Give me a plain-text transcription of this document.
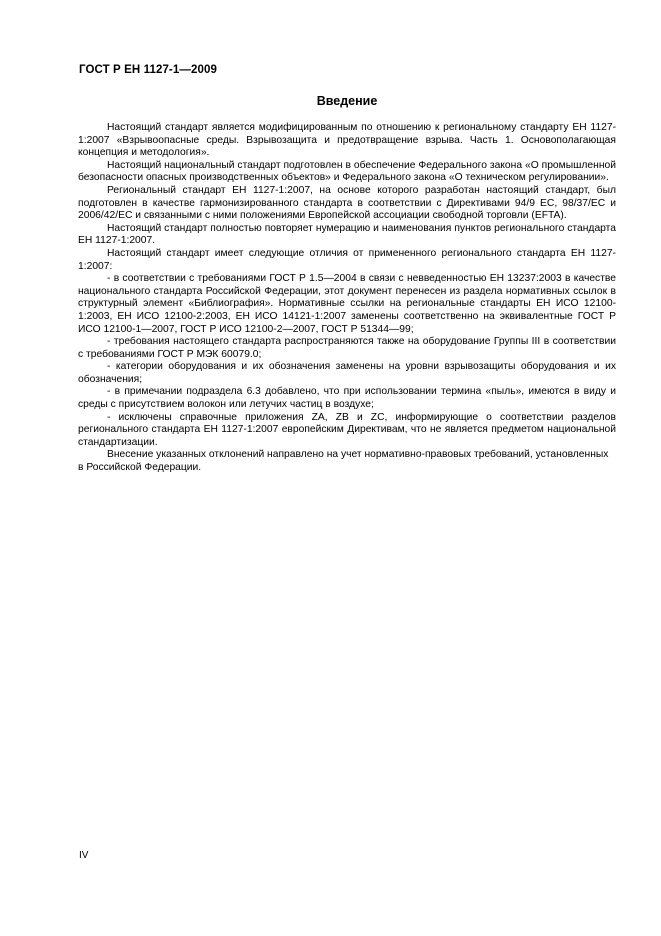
ГОСТ Р ЕН 1127-1—2009
Введение

Настоящий стандарт является модифицированным по отношению к региональному стандарту ЕН 1127-1:2007 «Взрывоопасные среды. Взрывозащита и предотвращение взрыва. Часть 1. Основополагающая концепция и методология».

Настоящий национальный стандарт подготовлен в обеспечение Федерального закона «О промышленной безопасности опасных производственных объектов» и Федерального закона «О техническом регулировании».

Региональный стандарт ЕН 1127-1:2007, на основе которого разработан настоящий стандарт, был подготовлен в качестве гармонизированного стандарта в соответствии с Директивами 94/9 ЕС, 98/37/ЕС и 2006/42/ЕС и связанными с ними положениями Европейской ассоциации свободной торговли (EFTA).

Настоящий стандарт полностью повторяет нумерацию и наименования пунктов регионального стандарта ЕН 1127-1:2007.

Настоящий стандарт имеет следующие отличия от примененного регионального стандарта ЕН 1127-1:2007:

- в соответствии с требованиями ГОСТ Р 1.5—2004 в связи с невведенностью ЕН 13237:2003 в качестве национального стандарта Российской Федерации, этот документ перенесен из раздела нормативных ссылок в структурный элемент «Библиография». Нормативные ссылки на региональные стандарты ЕН ИСО 12100-1:2003, ЕН ИСО 12100-2:2003, ЕН ИСО 14121-1:2007 заменены соответственно на эквивалентные ГОСТ Р ИСО 12100-1—2007, ГОСТ Р ИСО 12100-2—2007, ГОСТ Р 51344—99;

- требования настоящего стандарта распространяются также на оборудование Группы III в соответствии с требованиями ГОСТ Р МЭК 60079.0;

- категории оборудования и их обозначения заменены на уровни взрывозащиты оборудования и их обозначения;

- в примечании подраздела 6.3 добавлено, что при использовании термина «пыль», имеются в виду и среды с присутствием волокон или летучих частиц в воздухе;

- исключены справочные приложения ZA, ZB и ZC, информирующие о соответствии разделов регионального стандарта ЕН 1127-1:2007 европейским Директивам, что не является предметом национальной стандартизации.

Внесение указанных отклонений направлено на учет нормативно-правовых требований, установленных в Российской Федерации.

IV
